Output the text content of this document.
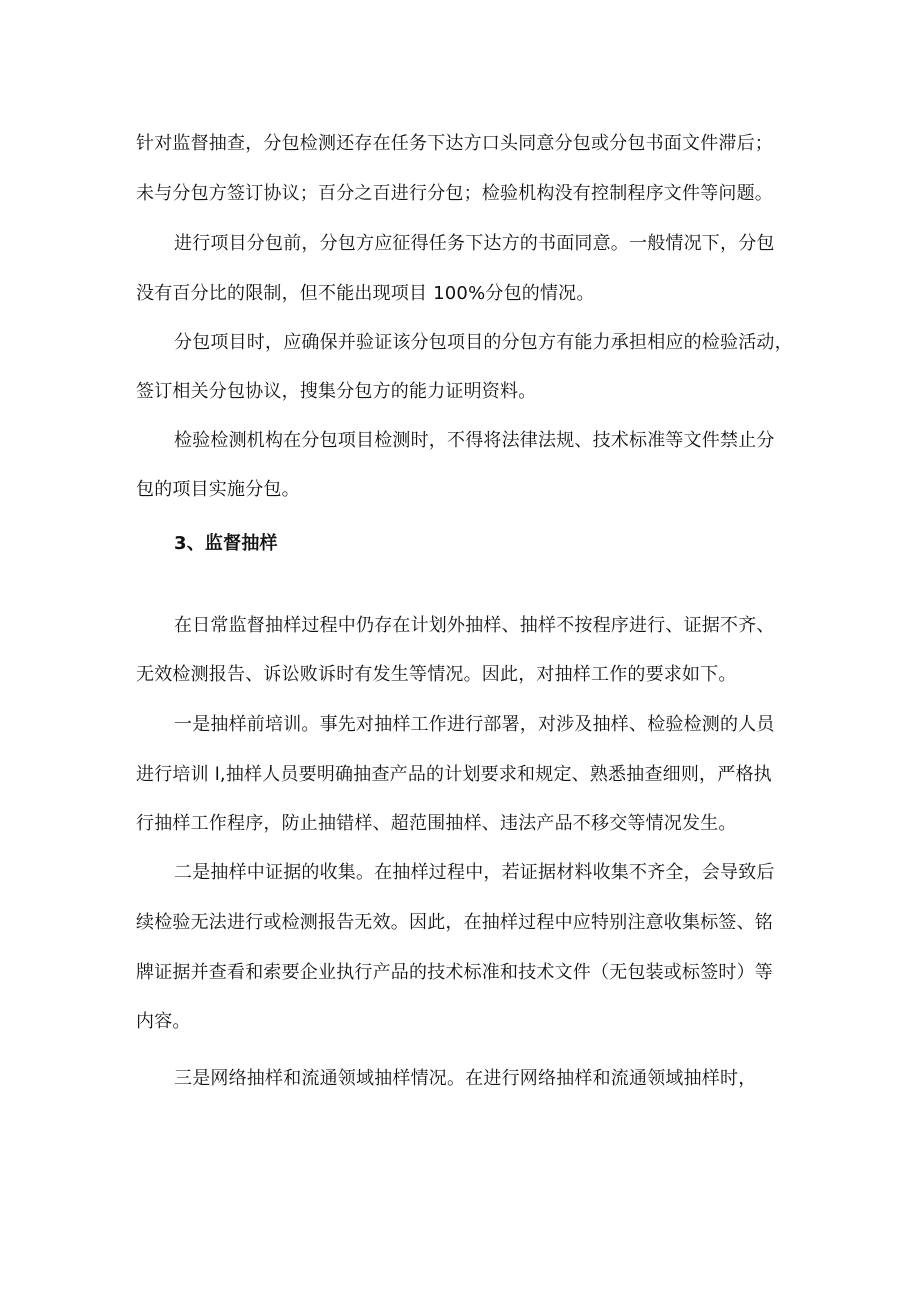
针对监督抽查，分包检测还存在任务下达方口头同意分包或分包书面文件滞后；
未与分包方签订协议；百分之百进行分包；检验机构没有控制程序文件等问题。
进行项目分包前，分包方应征得任务下达方的书面同意。一般情况下，分包
没有百分比的限制，但不能出现项目 100%分包的情况。
分包项目时，应确保并验证该分包项目的分包方有能力承担相应的检验活动，
签订相关分包协议，搜集分包方的能力证明资料。
检验检测机构在分包项目检测时，不得将法律法规、技术标准等文件禁止分
包的项目实施分包。
3、监督抽样
在日常监督抽样过程中仍存在计划外抽样、抽样不按程序进行、证据不齐、
无效检测报告、诉讼败诉时有发生等情况。因此，对抽样工作的要求如下。
一是抽样前培训。事先对抽样工作进行部署，对涉及抽样、检验检测的人员
进行培训 l,抽样人员要明确抽查产品的计划要求和规定、熟悉抽查细则，严格执
行抽样工作程序，防止抽错样、超范围抽样、违法产品不移交等情况发生。
二是抽样中证据的收集。在抽样过程中，若证据材料收集不齐全，会导致后
续检验无法进行或检测报告无效。因此，在抽样过程中应特别注意收集标签、铭
牌证据并查看和索要企业执行产品的技术标准和技术文件（无包装或标签时）等
内容。
三是网络抽样和流通领域抽样情况。在进行网络抽样和流通领域抽样时，
